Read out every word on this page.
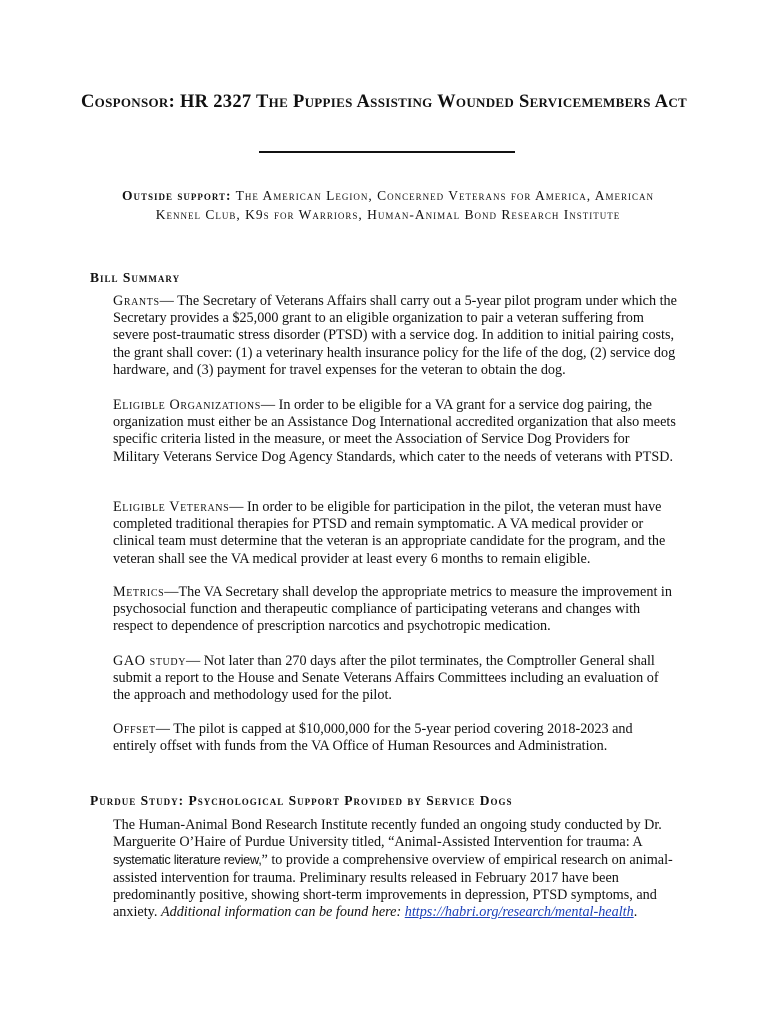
Cosponsor: HR 2327 The Puppies Assisting Wounded Servicemembers Act
Outside support: The American Legion, Concerned Veterans for America, American Kennel Club, K9s for Warriors, Human-Animal Bond Research Institute
Bill Summary
Grants— The Secretary of Veterans Affairs shall carry out a 5-year pilot program under which the Secretary provides a $25,000 grant to an eligible organization to pair a veteran suffering from severe post-traumatic stress disorder (PTSD) with a service dog. In addition to initial pairing costs, the grant shall cover: (1) a veterinary health insurance policy for the life of the dog, (2) service dog hardware, and (3) payment for travel expenses for the veteran to obtain the dog.
Eligible Organizations— In order to be eligible for a VA grant for a service dog pairing, the organization must either be an Assistance Dog International accredited organization that also meets specific criteria listed in the measure, or meet the Association of Service Dog Providers for Military Veterans Service Dog Agency Standards, which cater to the needs of veterans with PTSD.
Eligible Veterans— In order to be eligible for participation in the pilot, the veteran must have completed traditional therapies for PTSD and remain symptomatic. A VA medical provider or clinical team must determine that the veteran is an appropriate candidate for the program, and the veteran shall see the VA medical provider at least every 6 months to remain eligible.
Metrics—The VA Secretary shall develop the appropriate metrics to measure the improvement in psychosocial function and therapeutic compliance of participating veterans and changes with respect to dependence of prescription narcotics and psychotropic medication.
GAO study— Not later than 270 days after the pilot terminates, the Comptroller General shall submit a report to the House and Senate Veterans Affairs Committees including an evaluation of the approach and methodology used for the pilot.
Offset— The pilot is capped at $10,000,000 for the 5-year period covering 2018-2023 and entirely offset with funds from the VA Office of Human Resources and Administration.
Purdue Study: Psychological Support Provided by Service Dogs
The Human-Animal Bond Research Institute recently funded an ongoing study conducted by Dr. Marguerite O’Haire of Purdue University titled, “Animal-Assisted Intervention for trauma: A systematic literature review,” to provide a comprehensive overview of empirical research on animal-assisted intervention for trauma. Preliminary results released in February 2017 have been predominantly positive, showing short-term improvements in depression, PTSD symptoms, and anxiety. Additional information can be found here: https://habri.org/research/mental-health.
